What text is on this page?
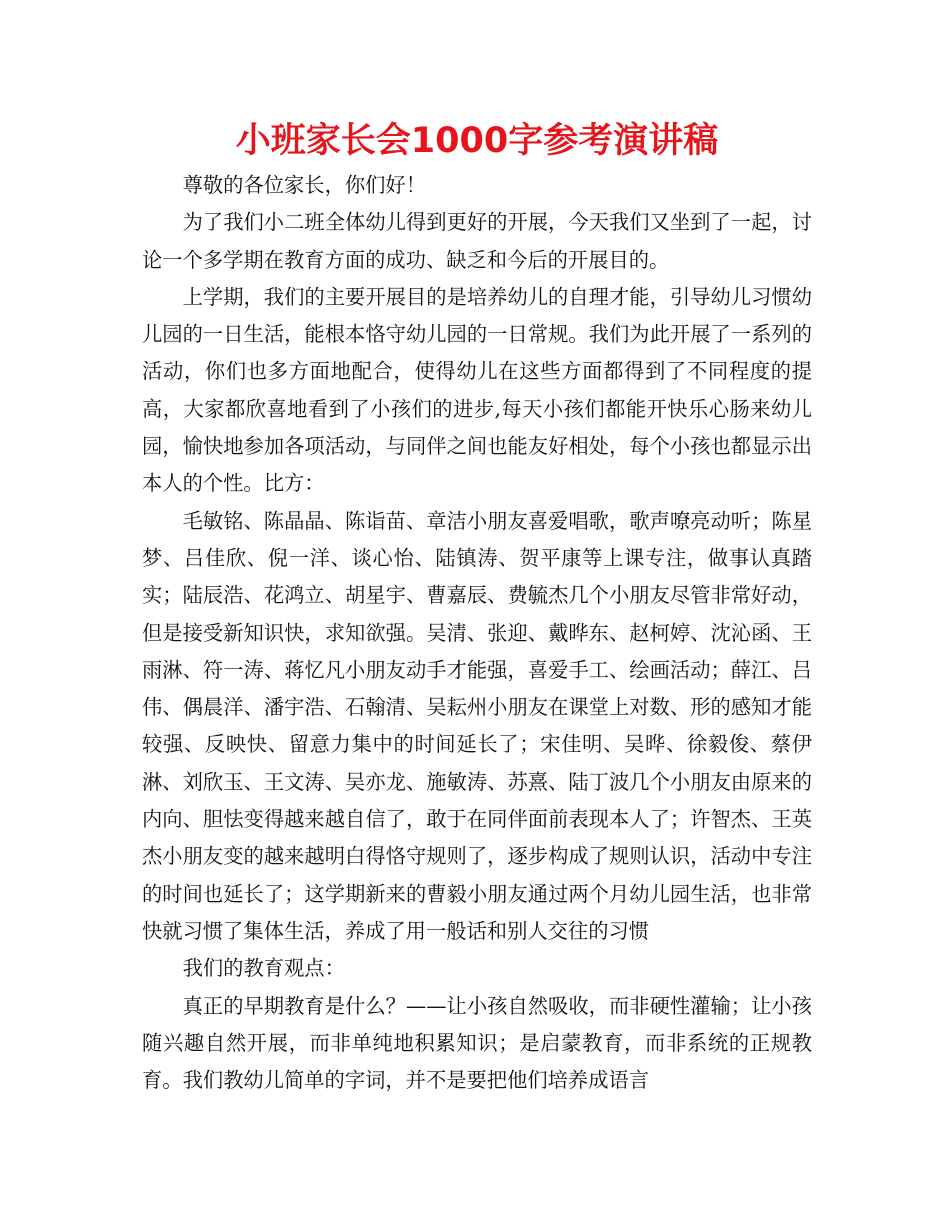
小班家长会1000字参考演讲稿

尊敬的各位家长，你们好！

为了我们小二班全体幼儿得到更好的开展，今天我们又坐到了一起，讨论一个多学期在教育方面的成功、缺乏和今后的开展目的。

上学期，我们的主要开展目的是培养幼儿的自理才能，引导幼儿习惯幼儿园的一日生活，能根本恪守幼儿园的一日常规。我们为此开展了一系列的活动，你们也多方面地配合，使得幼儿在这些方面都得到了不同程度的提高，大家都欣喜地看到了小孩们的进步,每天小孩们都能开快乐心肠来幼儿园，愉快地参加各项活动，与同伴之间也能友好相处，每个小孩也都显示出本人的个性。比方：

毛敏铭、陈晶晶、陈诣苗、章洁小朋友喜爱唱歌，歌声嘹亮动听；陈星梦、吕佳欣、倪一洋、谈心怡、陆镇涛、贺平康等上课专注，做事认真踏实；陆辰浩、花鸿立、胡星宇、曹嘉辰、费毓杰几个小朋友尽管非常好动，但是接受新知识快，求知欲强。吴清、张迎、戴晔东、赵柯婷、沈沁函、王雨淋、符一涛、蒋忆凡小朋友动手才能强，喜爱手工、绘画活动；薛江、吕伟、偶晨洋、潘宇浩、石翰清、吴耘州小朋友在课堂上对数、形的感知才能较强、反映快、留意力集中的时间延长了；宋佳明、吴晔、徐毅俊、蔡伊淋、刘欣玉、王文涛、吴亦龙、施敏涛、苏熹、陆丁波几个小朋友由原来的内向、胆怯变得越来越自信了，敢于在同伴面前表现本人了；许智杰、王英杰小朋友变的越来越明白得恪守规则了，逐步构成了规则认识，活动中专注的时间也延长了；这学期新来的曹毅小朋友通过两个月幼儿园生活，也非常快就习惯了集体生活，养成了用一般话和别人交往的习惯

我们的教育观点：

真正的早期教育是什么？——让小孩自然吸收，而非硬性灌输；让小孩随兴趣自然开展，而非单纯地积累知识；是启蒙教育，而非系统的正规教育。我们教幼儿简单的字词，并不是要把他们培养成语言
